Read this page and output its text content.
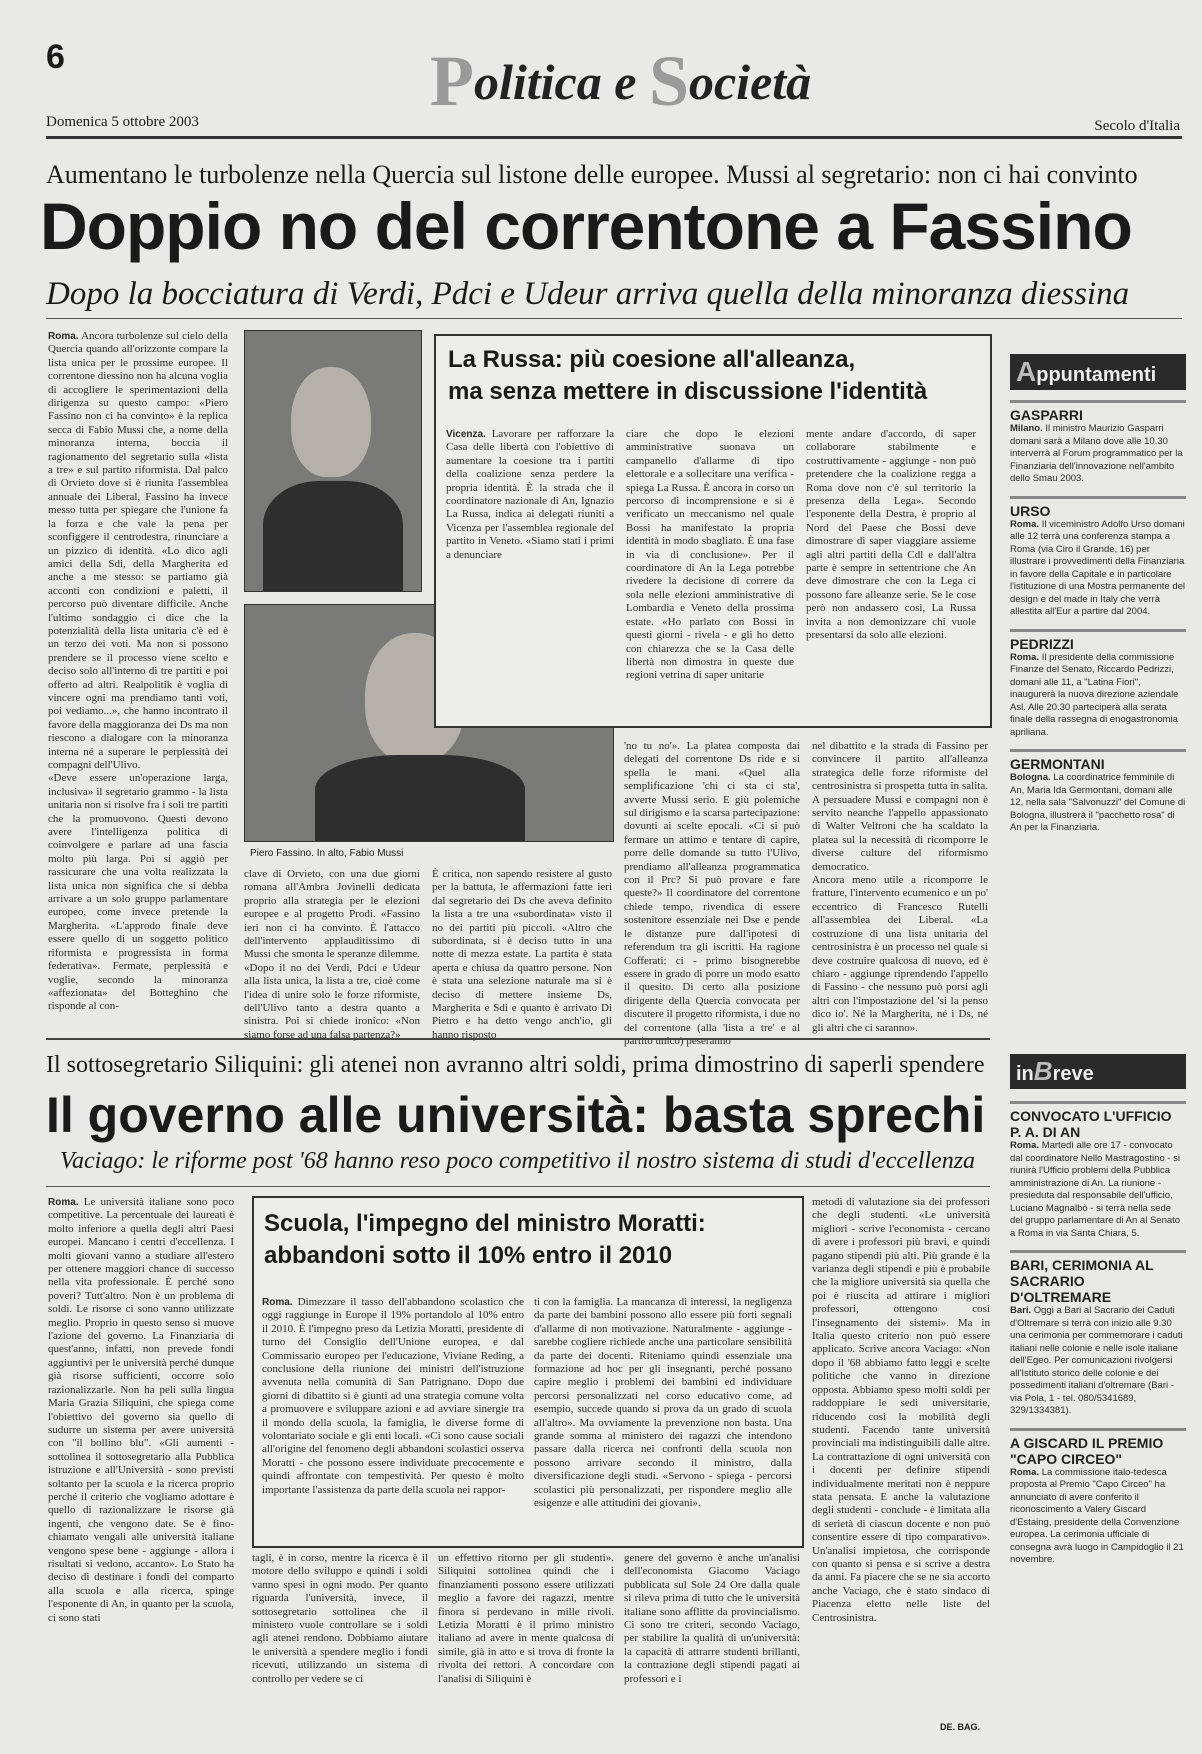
6	Politica e Società
Domenica 5 ottobre 2003	Secolo d'Italia
Aumentano le turbolenze nella Quercia sul listone delle europee. Mussi al segretario: non ci hai convinto
Doppio no del correntone a Fassino
Dopo la bocciatura di Verdi, Pdci e Udeur arriva quella della minoranza diessina
Roma. Ancora turbolenze sul cielo della Quercia quando all'orizzonte compare la lista unica per le prossime europee. Il correntone diessino non ha alcuna voglia di accogliere le sperimentazioni della dirigenza su questo campo: «Piero Fassino non ci ha convinto» è la replica secca di Fabio Mussi che, a nome della minoranza interna, boccia il ragionamento del segretario sulla «lista a tre» e sul partito riformista. Dal palco di Orvieto dove si è riunita l'assemblea annuale dei Liberal, Fassino ha invece messo tutta per spiegare che l'unione fa la forza e che vale la pena per sconfiggere il centrodestra, rinunciare a un pizzico di identità. «Lo dico agli amici della Sdi, della Margherita ed anche a me stesso: se partiamo già acconti con condizioni e paletti, il percorso può diventare difficile. Anche l'ultimo sondaggio ci dice che la potenzialità della lista unitaria c'è ed è un terzo dei voti. Ma non si possono prendere se il processo viene scelto e deciso solo all'interno di tre partiti e poi offerto ad altri. Realpolitik è voglia di vincere ogni ma prendiamo tanti voti, poi vediamo...», che hanno incontrato il favore della maggioranza dei Ds ma non riescono a dialogare con la minoranza interna né a superare le perplessità dei compagni dell'Ulivo.
«Deve essere un'operazione larga, inclusiva» il segretario grammo - la lista unitaria non si risolve fra i soli tre partiti che la promuovono. Questi devono avere l'intelligenza politica di coinvolgere e parlare ad una fascia molto più larga. Poi si aggiò per rassicurare che una volta realizzata la lista unica non significa che si debba arrivare a un solo gruppo parlamentare europeo, come invece pretende la Margherita. «L'approdo finale deve essere quello di un soggetto politico riformista e progressista in forma federativa». Fermate, perplessità e voglie, secondo la minoranza «affezionata» del Botteghino che risponde al con-
Piero Fassino. In alto, Fabio Mussi
clave di Orvieto, con una due giorni romana all'Ambra Jovinelli dedicata proprio alla strategia per le elezioni europee e al progetto Prodi. «Fassino ieri non ci ha convinto. È l'attacco dell'intervento applauditissimo di Mussi che smonta le speranze dilemme. «Dopo il no dei Verdi, Pdci e Udeur alla lista unica, la lista a tre, cioè come l'idea di unire solo le forze riformiste, dell'Ulivo tanto a destra quanto a sinistra. Poi si chiede ironico: «Non siamo forse ad una falsa partenza?»
È critica, non sapendo resistere al gusto per la battuta, le affermazioni fatte ieri dal segretario dei Ds che aveva definito la lista a tre una «subordinata» visto il no dei partiti più piccoli. «Altro che subordinata, si è deciso tutto in una notte di mezza estate. La partita è stata aperta e chiusa da quattro persone. Non è stata una selezione naturale ma si è deciso di mettere insieme Ds, Margherita e Sdi e quanto è arrivato Di Pietro e ha detto vengo anch'io, gli hanno risposto
'no tu no'». La platea composta dai delegati del correntone Ds ride e si spella le mani. «Quel alla semplificazione 'chi ci sta ci sta', avverte Mussi serio. E giù polemiche sul dirigismo e la scarsa partecipazione: dovunti ai scelte epocali. «Ci si può fermare un attimo e tentare di capire, porre delle domande su tutto l'Ulivo, prendiamo all'alleanza programmatica con il Prc? Si può provare e fare queste?» Il coordinatore del correntone chiede tempo, rivendica di essere sostenitore essenziale nei Dse e pende le distanze pure dall'ipotesi di referendum tra gli iscritti. Ha ragione Cofferati: ci - primo bisognerebbe essere in grado di porre un modo esatto il quesito. Di certo alla posizione dirigente della Quercia convocata per discutere il progetto riformista, i due no del correntone (alla 'lista a tre' e al partito unico) peseranno
nel dibattito e la strada di Fassino per convincere il partito all'alleanza strategica delle forze riformiste del centrosinistra si prospetta tutta in salita. A persuadere Mussi e compagni non è servito neanche l'appello appassionato di Walter Veltroni che ha scaldato la platea sul la necessità di ricomporre le diverse culture del riformismo democratico.
Ancora meno utile a ricomporre le fratture, l'intervento ecumenico e un po' eccentrico di Francesco Rutelli all'assemblea dei Liberal. «La costruzione di una lista unitaria del centrosinistra è un processo nel quale si deve costruire qualcosa di nuovo, ed è chiaro - aggiunge riprendendo l'appello di Fassino - che nessuno può porsi agli altri con l'impostazione del 'si la penso dico io'. Né la Margherita, né i Ds, né gli altri che ci saranno».
La Russa: più coesione all'alleanza,
ma senza mettere in discussione l'identità
Vicenza. Lavorare per rafforzare la Casa delle libertà con l'obiettivo di aumentare la coesione tra i partiti della coalizione senza perdere la propria identità. È la strada che il coordinatore nazionale di An, Ignazio La Russa, indica ai delegati riuniti a Vicenza per l'assemblea regionale del partito in Veneto. «Siamo stati i primi a denunciare
ciare che dopo le elezioni amministrative suonava un campanello d'allarme di tipo elettorale e a sollecitare una verifica - spiega La Russa. È ancora in corso un percorso di incomprensione e si è verificato un meccanismo nel quale Bossi ha manifestato la propria identità in modo sbagliato. È una fase in via di conclusione». Per il coordinatore di An la Lega potrebbe rivedere la decisione di correre da sola nelle elezioni amministrative di Lombardia e Veneto della prossima estate. «Ho parlato con Bossi in questi giorni - rivela - e gli ho detto con chiarezza che se la Casa delle libertà non dimostra in queste due regioni vetrina di saper unitarie
mente andare d'accordo, di saper collaborare stabilmente e costruttivamente - aggiunge - non può pretendere che la coalizione regga a Roma dove non c'è sul territorio la presenza della Lega». Secondo l'esponente della Destra, è proprio al Nord del Paese che Bossi deve dimostrare di saper viaggiare assieme agli altri partiti della Cdl e dall'altra parte è sempre in settentrione che An deve dimostrare che con la Lega ci possono fare alleanze serie. Se le cose però non andassero così, La Russa invita a non demonizzare chi vuole presentarsi da solo alle elezioni.
Appuntamenti
GASPARRI
Milano. Il ministro Maurizio Gasparri domani sarà a Milano dove alle 10.30 interverrà al Forum programmatico per la Finanziaria dell'innovazione nell'ambito dello Smau 2003.
URSO
Roma. Il viceministro Adolfo Urso domani alle 12 terrà una conferenza stampa a Roma (via Ciro il Grande, 16) per illustrare i provvedimenti della Finanziaria in favore della Capitale e in particolare l'istituzione di una Mostra permanente del design e del made in Italy che verrà allestita all'Eur a partire dal 2004.
PEDRIZZI
Roma. Il presidente della commissione Finanze del Senato, Riccardo Pedrizzi, domani alle 11, a "Latina Fiori", inaugurerà la nuova direzione aziendale Asl. Alle 20.30 parteciperà alla serata finale della rassegna di enogastronomia apriliana.
GERMONTANI
Bologna. La coordinatrice femminile di An, Maria Ida Germontani, domani alle 12, nella sala "Salvonuzzi" del Comune di Bologna, illustrerà il "pacchetto rosa" di An per la Finanziaria.
Il sottosegretario Siliquini: gli atenei non avranno altri soldi, prima dimostrino di saperli spendere
Il governo alle università: basta sprechi
Vaciago: le riforme post '68 hanno reso poco competitivo il nostro sistema di studi d'eccellenza
Roma. Le università italiane sono poco competitive. La percentuale dei laureati è molto inferiore a quella degli altri Paesi europei. Mancano i centri d'eccellenza. I molti giovani vanno a studiare all'estero per ottenere maggiori chance di successo nella vita professionale. È perché sono poveri? Tutt'altro. Non è un problema di soldi. Le risorse ci sono vanno utilizzate meglio. Proprio in questo senso si muove l'azione del governo. La Finanziaria di quest'anno, infatti, non prevede fondi aggiuntivi per le università perché dunque già risorse sufficienti, occorre solo razionalizzarle. Non ha peli sulla lingua Maria Grazia Siliquini, che spiega come l'obiettivo del governo sia quello di sudurre un sistema per avere università con "il bollino blu". «Gli aumenti - sottolinea il sottosegretario alla Pubblica istruzione e all'Università - sono previsti soltanto per la scuola e la ricerca proprio perché il criterio che vogliamo adottare è quello di razionalizzare le risorse già ingenti, che vengono date. Se è fino-chiamato vengali alle università italiane vengono spese bene - aggiunge - allora i risultati si vedono, accanto». Lo Stato ha deciso di destinare i fondi del comparto alla scuola e alla ricerca, spinge l'esponente di An, in quanto per la scuola, ci sono stati
Scuola, l'impegno del ministro Moratti:
abbandoni sotto il 10% entro il 2010
Roma. Dimezzare il tasso dell'abbandono scolastico che oggi raggiunge in Europe il 19% portandolo al 10% entro il 2010. È l'impegno preso da Letizia Moratti, presidente di turno del Consiglio dell'Unione europea, e dal Commissario europeo per l'educazione, Viviane Reding, a conclusione della riunione dei ministri dell'istruzione avvenuta nella comunità di San Patrignano. Dopo due giorni di dibattito si è giunti ad una strategia comune volta a promuovere e sviluppare azioni e ad avviare sinergie tra il mondo della scuola, la famiglia, le diverse forme di volontariato sociale e gli enti locali. «Ci sono cause sociali all'origine del fenomeno degli abbandoni scolastici osserva Moratti - che possono essere individuate precocemente e quindi affrontate con tempestività. Per questo è molto importante l'assistenza da parte della scuola nei rappor-
ti con la famiglia. La mancanza di interessi, la negligenza da parte dei bambini possono allo essere più forti segnali d'allarme di non motivazione. Naturalmente - aggiunge - sarebbe cogliere richiede anche una particolare sensibilità da parte dei docenti. Riteniamo quindi essenziale una formazione ad hoc per gli insegnanti, perché possano capire meglio i problemi dei bambini ed individuare percorsi personalizzati nel corso educativo come, ad esempio, succede quando si prova da un grado di scuola all'altro». Ma ovviamente la prevenzione non basta. Una grande somma al ministero dei ragazzi che intendono passare dalla ricerca nei confronti della scuola non possono arrivare secondo il ministro, dalla diversificazione degli studi. «Servono - spiega - percorsi scolastici più personalizzati, per rispondere meglio alle esigenze e alle attitudini dei giovani».
tagli, è in corso, mentre la ricerca è il motore dello sviluppo e quindi i soldi vanno spesi in ogni modo. Per quanto riguarda l'università, invece, il sottosegretario sottolinea che il ministero vuole controllare se i soldi agli atenei rendono. Dobbiamo aiutare le università a spendere meglio i fondi ricevuti, utilizzando un sistema di controllo per vedere se ci
un effettivo ritorno per gli studenti». Siliquini sottolinea quindi che i finanziamenti possono essere utilizzati meglio a favore dei ragazzi, mentre finora si perdevano in mille rivoli. Letizia Moratti è il primo ministro italiano ad avere in mente qualcosa di simile, già in atto e si trova di fronte la rivolta dei rettori. A concordare con l'analisi di Siliquini è
genere del governo è anche un'analisi dell'economista Giacomo Vaciago pubblicata sul Sole 24 Ore dalla quale si rileva prima di tutto che le università italiane sono afflitte da provincialismo. Ci sono tre criteri, secondo Vaciago, per stabilire la qualità di un'università: la capacità di attrarre studenti brillanti, la contrazione degli stipendi pagati ai professori e i
metodi di valutazione sia dei professori che degli studenti. «Le università migliori - scrive l'economista - cercano di avere i professori più bravi, e quindi pagano stipendi più alti. Più grande è la varianza degli stipendi e più è probabile che la migliore università sia quella che poi è riuscita ad attirare i migliori professori, ottengono così l'insegnamento dei sistemi». Ma in Italia questo criterio non può essere applicato. Scrive ancora Vaciago: «Non dopo il '68 abbiamo fatto leggi e scelte politiche che vanno in direzione opposta. Abbiamo speso molti soldi per raddoppiare le sedi universitarie, riducendo così la mobilità degli studenti. Facendo tante università provinciali ma indistinguibili dalle altre. La contrattazione di ogni università con i docenti per definire stipendi individualmente meritati non è neppure stata pensata. E anche la valutazione degli studenti - conclude - è limitata alla di serietà di ciascun docente e non può consentire essere di tipo comparativo». Un'analisi impietosa, che corrisponde con quanto si pensa e si scrive a destra da anni. Fa piacere che se ne sia accorto anche Vaciago, che è stato sindaco di Piacenza eletto nelle liste del Centrosinistra.
DE. BAG.
inBreve
CONVOCATO L'UFFICIO P. A. DI AN
Roma. Martedì alle ore 17 - convocato dal coordinatore Nello Mastragostino - si riunirà l'Ufficio problemi della Pubblica amministrazione di An. La riunione - presieduta dal responsabile dell'ufficio, Luciano Magnalbò - si terrà nella sede del gruppo parlamentare di An al Senato a Roma in via Santa Chiara, 5.
BARI, CERIMONIA AL SACRARIO D'OLTREMARE
Bari. Oggi a Bari al Sacrario dei Caduti d'Oltremare si terrà con inizio alle 9.30 una cerimonia per commemorare i caduti italiani nelle colonie e nelle isole italiane dell'Egeo. Per comunicazioni rivolgersi all'Istituto storico delle colonie e dei possedimenti italiani d'oltremare (Bari - via Pola, 1 - tel. 080/5341689, 329/1334381).
A GISCARD IL PREMIO "CAPO CIRCEO"
Roma. La commissione italo-tedesca proposta al Premio "Capo Circeo" ha annunciato di avere conferito il riconoscimento a Valery Giscard d'Estaing, presidente della Convenzione europea. La cerimonia ufficiale di consegna avrà luogo in Campidoglio il 21 novembre.
